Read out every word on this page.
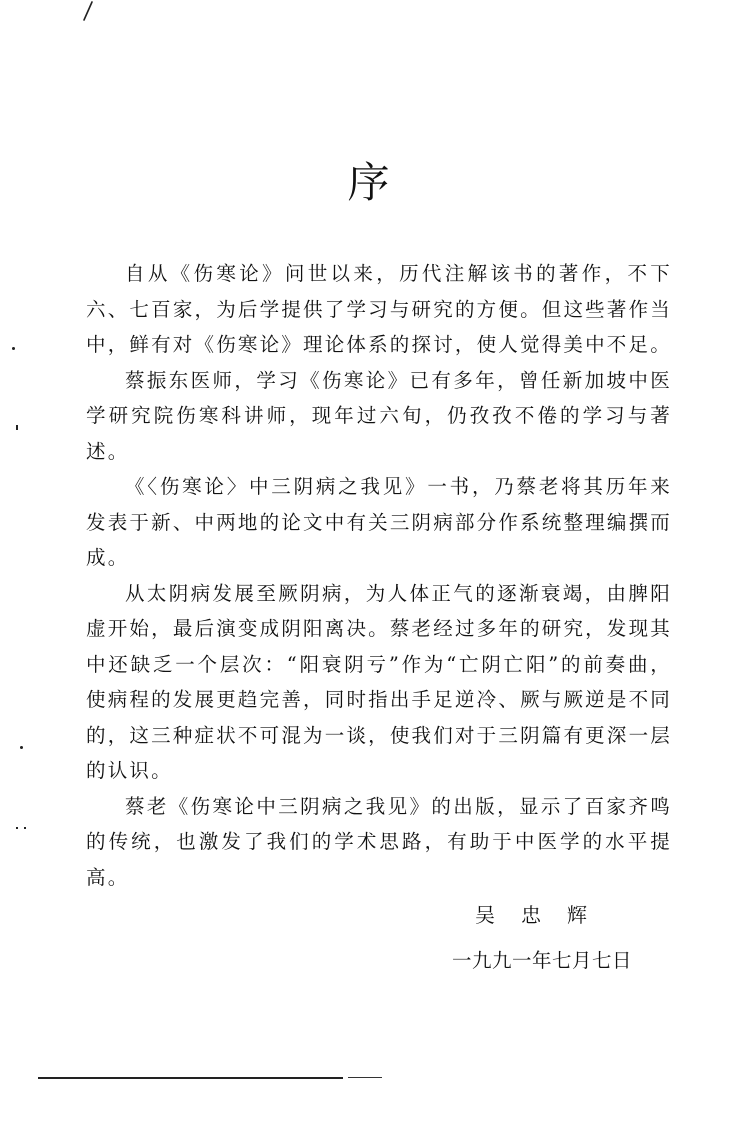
序

自从《伤寒论》问世以来，历代注解该书的著作，不下六、七百家，为后学提供了学习与研究的方便。但这些著作当中，鲜有对《伤寒论》理论体系的探讨，使人觉得美中不足。

蔡振东医师，学习《伤寒论》已有多年，曾任新加坡中医学研究院伤寒科讲师，现年过六旬，仍孜孜不倦的学习与著述。

《〈伤寒论〉中三阴病之我见》一书，乃蔡老将其历年来发表于新、中两地的论文中有关三阴病部分作系统整理编撰而成。

从太阴病发展至厥阴病，为人体正气的逐渐衰竭，由脾阳虚开始，最后演变成阴阳离决。蔡老经过多年的研究，发现其中还缺乏一个层次：“阳衰阴亏”作为“亡阴亡阳”的前奏曲，使病程的发展更趋完善，同时指出手足逆冷、厥与厥逆是不同的，这三种症状不可混为一谈，使我们对于三阴篇有更深一层的认识。

蔡老《伤寒论中三阴病之我见》的出版，显示了百家齐鸣的传统，也激发了我们的学术思路，有助于中医学的水平提高。

吴忠辉
一九九一年七月七日
